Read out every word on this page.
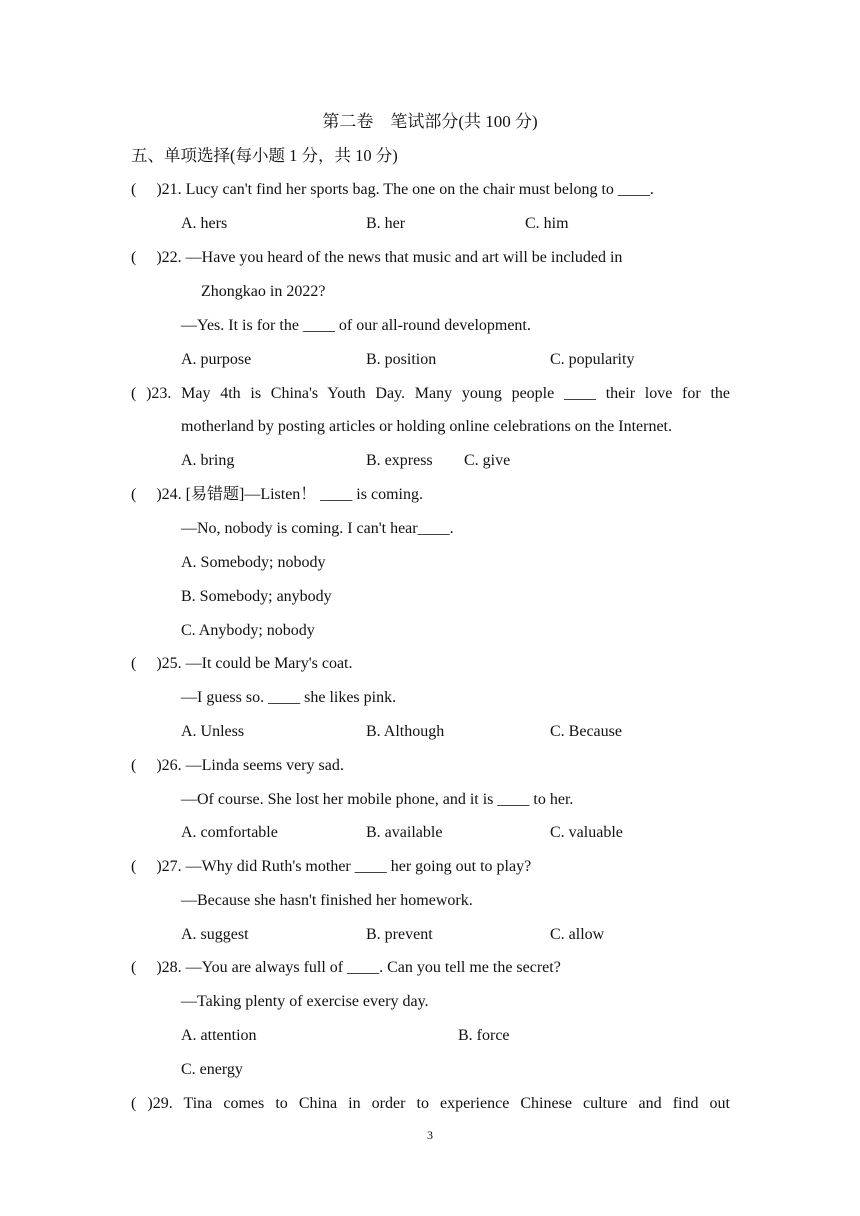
第二卷　笔试部分(共 100 分)
五、单项选择(每小题 1 分，共 10 分)
(     )21. Lucy can't find her sports bag. The one on the chair must belong to ____.
A. hers	B. her	C. him
(     )22. —Have you heard of the news that music and art will be included in
Zhongkao in 2022?
—Yes. It is for the ____ of our all-round development.
A. purpose	B. position	C. popularity
( )23. May 4th is China's Youth Day. Many young people ____ their love for the
motherland by posting articles or holding online celebrations on the Internet.
A. bring	B. express C. give
(     )24. [易错题]—Listen！ ____ is coming.
—No, nobody is coming. I can't hear____.
A. Somebody; nobody
B. Somebody; anybody
C. Anybody; nobody
(     )25. —It could be Mary's coat.
—I guess so. ____ she likes pink.
A. Unless	B. Although	C. Because
(     )26. —Linda seems very sad.
—Of course. She lost her mobile phone, and it is ____ to her.
A. comfortable	B. available	C. valuable
(     )27. —Why did Ruth's mother ____ her going out to play?
—Because she hasn't finished her homework.
A. suggest	B. prevent	C. allow
(     )28. —You are always full of ____. Can you tell me the secret?
—Taking plenty of exercise every day.
A. attention	B. force
C. energy
( )29. Tina comes to China in order to experience Chinese culture and find out
3
